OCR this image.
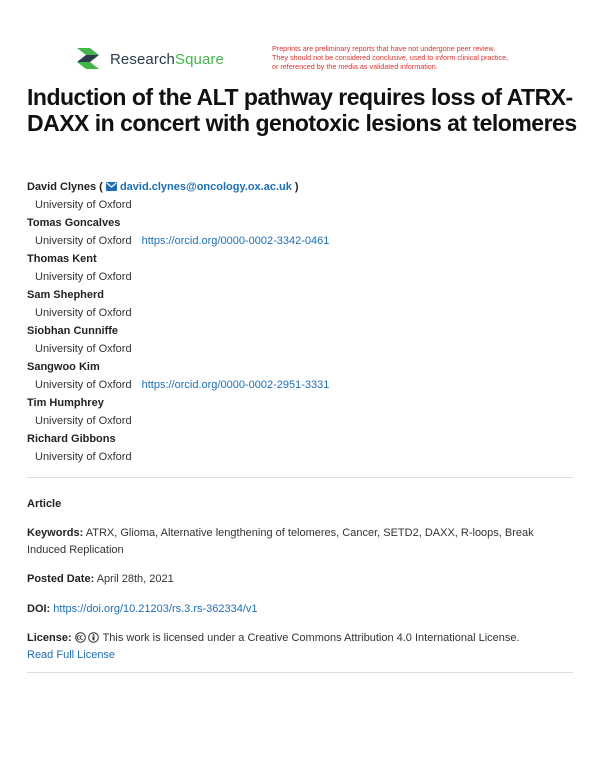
ResearchSquare
Preprints are preliminary reports that have not undergone peer review.
They should not be considered conclusive, used to inform clinical practice,
or referenced by the media as validated information.
Induction of the ALT pathway requires loss of ATRX-DAXX in concert with genotoxic lesions at telomeres
David Clynes (  david.clynes@oncology.ox.ac.uk )
University of Oxford
Tomas Goncalves
University of Oxford https://orcid.org/0000-0002-3342-0461
Thomas Kent
University of Oxford
Sam Shepherd
University of Oxford
Siobhan Cunniffe
University of Oxford
Sangwoo Kim
University of Oxford https://orcid.org/0000-0002-2951-3331
Tim Humphrey
University of Oxford
Richard Gibbons
University of Oxford
Article
Keywords: ATRX, Glioma, Alternative lengthening of telomeres, Cancer, SETD2, DAXX, R-loops, Break Induced Replication
Posted Date: April 28th, 2021
DOI: https://doi.org/10.21203/rs.3.rs-362334/v1
License:	This work is licensed under a Creative Commons Attribution 4.0 International License.
Read Full License
